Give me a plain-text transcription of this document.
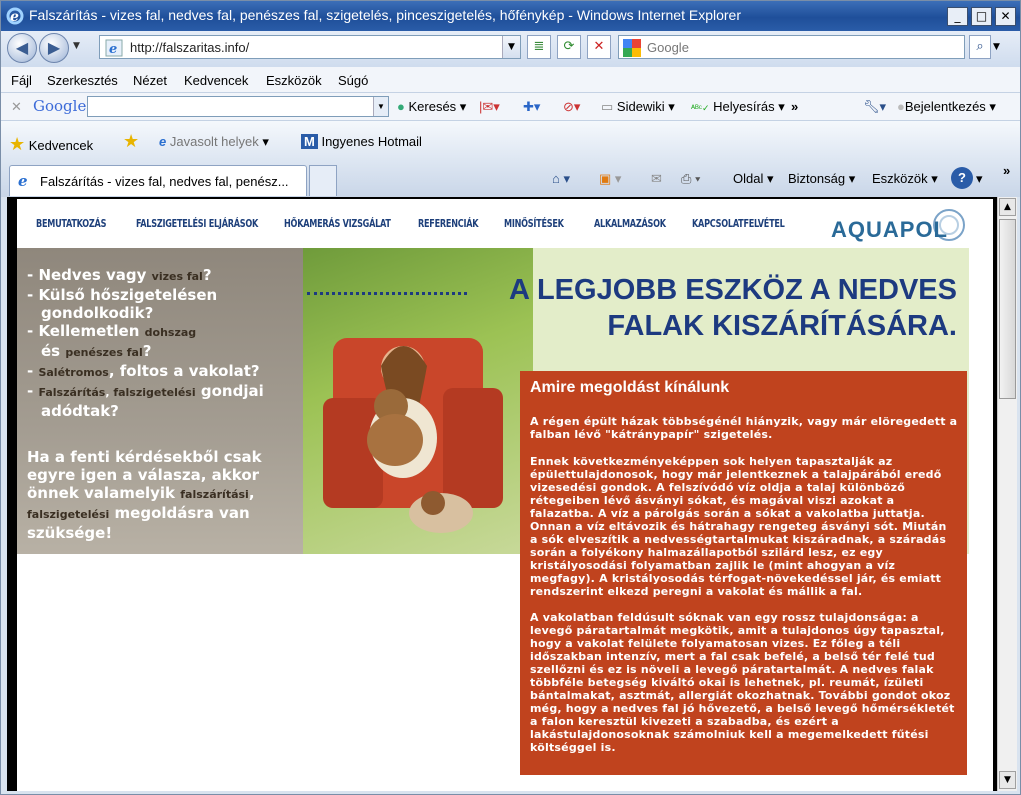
e Falszárítás - vizes fal, nedves fal, penészes fal, szigetelés, pinceszigetelés, hőfénykép - Windows Internet Explorer	_	□	✕
◀	▶	▼ e http://falszaritas.info/	▼	≣	⟳	✕	Google	⌕	▼
Fájl Szerkesztés Nézet Kedvencek Eszközök Súgó
✕ Google	▼ ● Keresés ▾ |✉▾ ✚▾ ⊘▾ ▭ Sidewiki ▾ ᴬᴮᶜ✓ Helyesírás ▾ »	🔧︎▾ ●Bejelentkezés ▾
★ Kedvencek ★ e Javasolt helyek ▾	M Ingyenes Hotmail
e Falszárítás - vizes fal, nedves fal, penész...	⌂ ▾ ▣ ▾ ✉ ⎙ ▾	Oldal ▾ Biztonság ▾ Eszközök ▾	? ▾
»
BEMUTATKOZÁS	FALSZIGETELÉSI ELJÁRÁSOK HŐKAMERÁS VIZSGÁLAT REFERENCIÁK MINŐSÍTÉSEK	ALKALMAZÁSOK KAPCSOLATFELVÉTEL AQUAPOL
- Nedves vagy vizes fal?
- Külső hőszigetelésen
gondolkodik?
- Kellemetlen dohszag
és penészes fal?
- Salétromos, foltos a vakolat?
- Falszárítás, falszigetelési gondjai
adódtak?
Ha a fenti kérdésekből csak
egyre igen a válasza, akkor
önnek valamelyik falszárítási,
falszigetelési megoldásra van
szüksége!
A LEGJOBB ESZKÖZ A NEDVES
FALAK KISZÁRÍTÁSÁRA.
Amire megoldást kínálunk
A régen épült házak többségénél hiányzik, vagy már elöregedett a falban lévő "kátránypapír" szigetelés.
Ennek következményeképpen sok helyen tapasztalják az épülettulajdonosok, hogy már jelentkeznek a talajpárából eredő vizesedési gondok. A felszívódó víz oldja a talaj különböző rétegeiben lévő ásványi sókat, és magával viszi azokat a falazatba. A víz a párolgás során a sókat a vakolatba juttatja. Onnan a víz eltávozik és hátrahagy rengeteg ásványi sót. Miután a sók elveszítik a nedvességtartalmukat kiszáradnak, a száradás során a folyékony halmazállapotból szilárd lesz, ez egy kristályosodási folyamatban zajlik le (mint ahogyan a víz megfagy). A kristályosodás térfogat-növekedéssel jár, és emiatt rendszerint elkezd peregni a vakolat és mállik a fal.
A vakolatban feldúsult sóknak van egy rossz tulajdonsága: a levegő páratartalmát megkötik, amit a tulajdonos úgy tapasztal, hogy a vakolat felülete folyamatosan vizes. Ez főleg a téli időszakban intenzív, mert a fal csak befelé, a belső tér felé tud szellőzni és ez is növeli a levegő páratartalmát. A nedves falak többféle betegség kiváltó okai is lehetnek, pl. reumát, ízületi bántalmakat, asztmát, allergiát okozhatnak. További gondot okoz még, hogy a nedves fal jó hővezető, a belső levegő hőmérsékletét a falon keresztül kivezeti a szabadba, és ezért a lakástulajdonosoknak számolniuk kell a megemelkedett fűtési költséggel is.
▲
▼
